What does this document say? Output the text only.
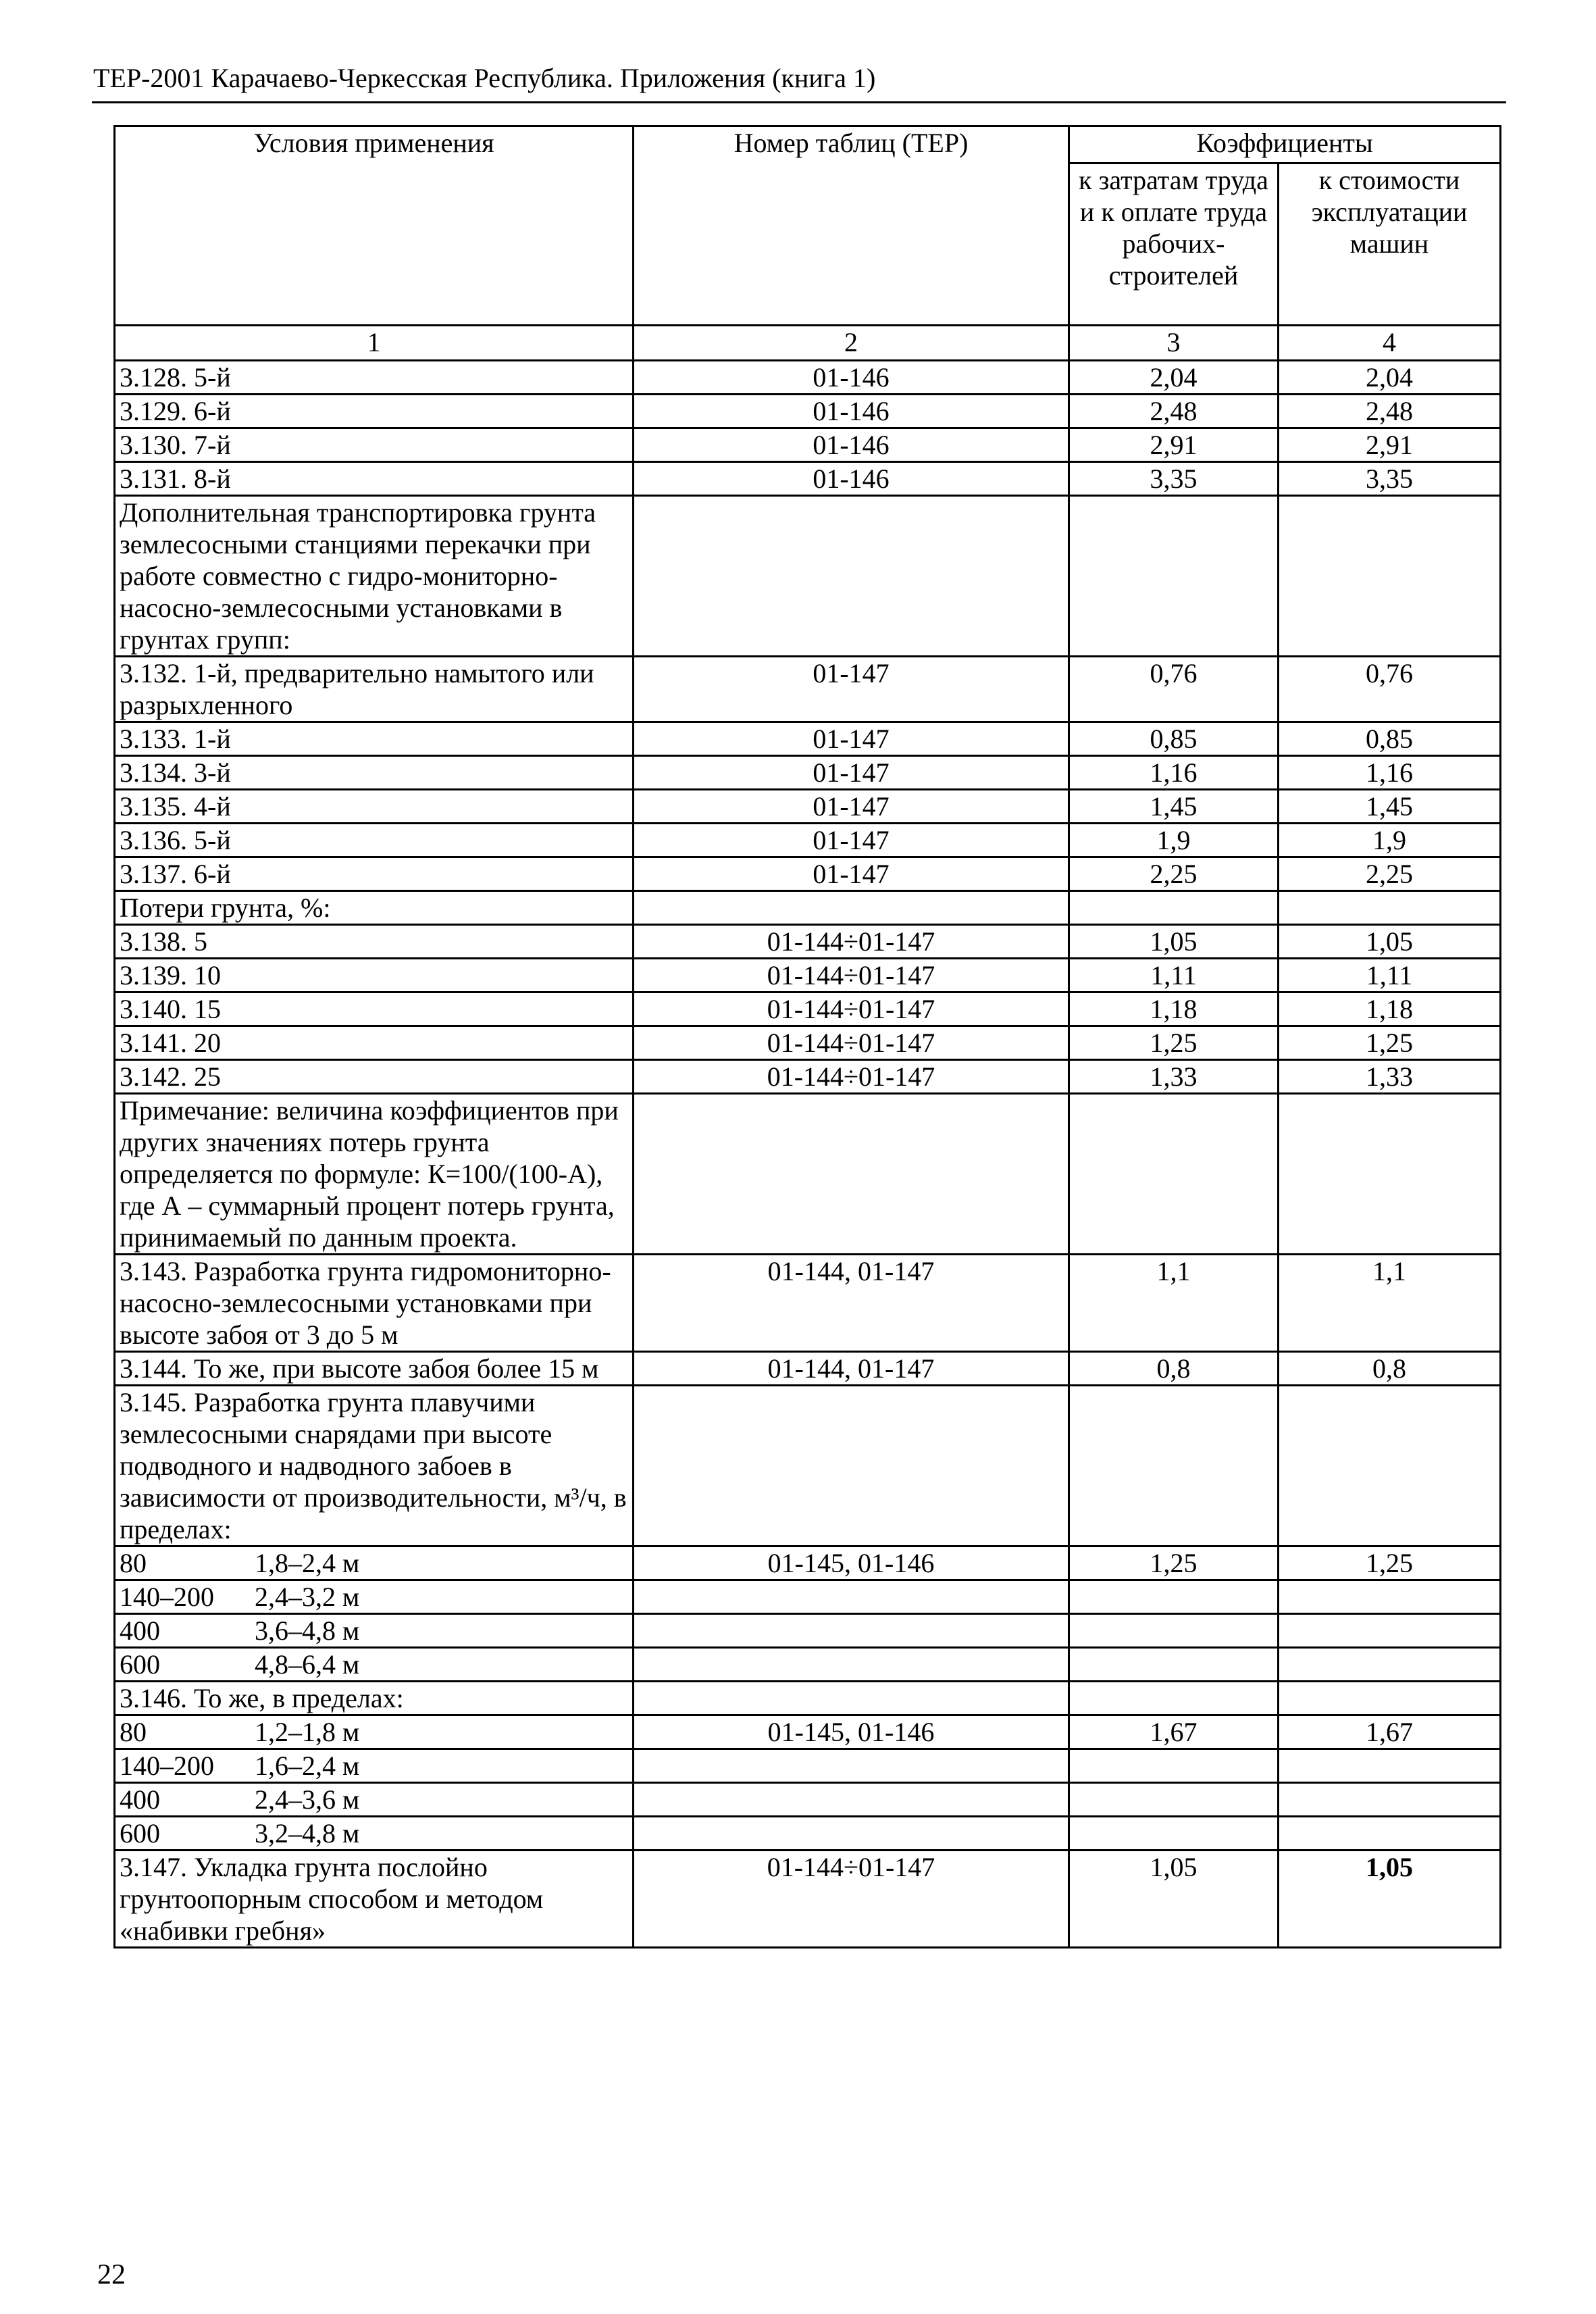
ТЕР-2001 Карачаево-Черкесская Республика. Приложения (книга 1)
Условия применения	Номер таблиц (ТЕР)	Коэффициенты	
		к затратам труда и к оплате труда рабочих-строителей	к стоимости эксплуатации машин
1	2	3	4
3.128. 5-й	01-146	2,04	2,04
3.129. 6-й	01-146	2,48	2,48
3.130. 7-й	01-146	2,91	2,91
3.131. 8-й	01-146	3,35	3,35
Дополнительная транспортировка грунта землесосными станциями перекачки при работе совместно с гидро-мониторно-насосно-землесосными установками в грунтах групп:			
3.132. 1-й, предварительно намытого или разрыхленного	01-147	0,76	0,76
3.133. 1-й	01-147	0,85	0,85
3.134. 3-й	01-147	1,16	1,16
3.135. 4-й	01-147	1,45	1,45
3.136. 5-й	01-147	1,9	1,9
3.137. 6-й	01-147	2,25	2,25
Потери грунта, %:			
3.138. 5	01-144÷01-147	1,05	1,05
3.139. 10	01-144÷01-147	1,11	1,11
3.140. 15	01-144÷01-147	1,18	1,18
3.141. 20	01-144÷01-147	1,25	1,25
3.142. 25	01-144÷01-147	1,33	1,33
Примечание: величина коэффициентов при других значениях потерь грунта определяется по формуле: К=100/(100-А), где А – суммарный процент потерь грунта, принимаемый по данным проекта.			
3.143. Разработка грунта гидромониторно-насосно-землесосными установками при высоте забоя от 3 до 5 м	01-144, 01-147	1,1	1,1
3.144. То же, при высоте забоя более 15 м	01-144, 01-147	0,8	0,8
3.145. Разработка грунта плавучими землесосными снарядами при высоте подводного и надводного забоев в зависимости от производительности, м³/ч, в пределах:			

80 1,8–2,4 м	01-145, 01-146	1,25	1,25

140–200 2,4–3,2 м			

400 3,6–4,8 м			

600 4,8–6,4 м			

3.146. То же, в пределах:			

80 1,2–1,8 м	01-145, 01-146	1,67	1,67

140–200 1,6–2,4 м			

400 2,4–3,6 м			

600 3,2–4,8 м			

3.147. Укладка грунта послойно грунтоопорным способом и методом «набивки гребня»	01-144÷01-147	1,05	1,05
22
